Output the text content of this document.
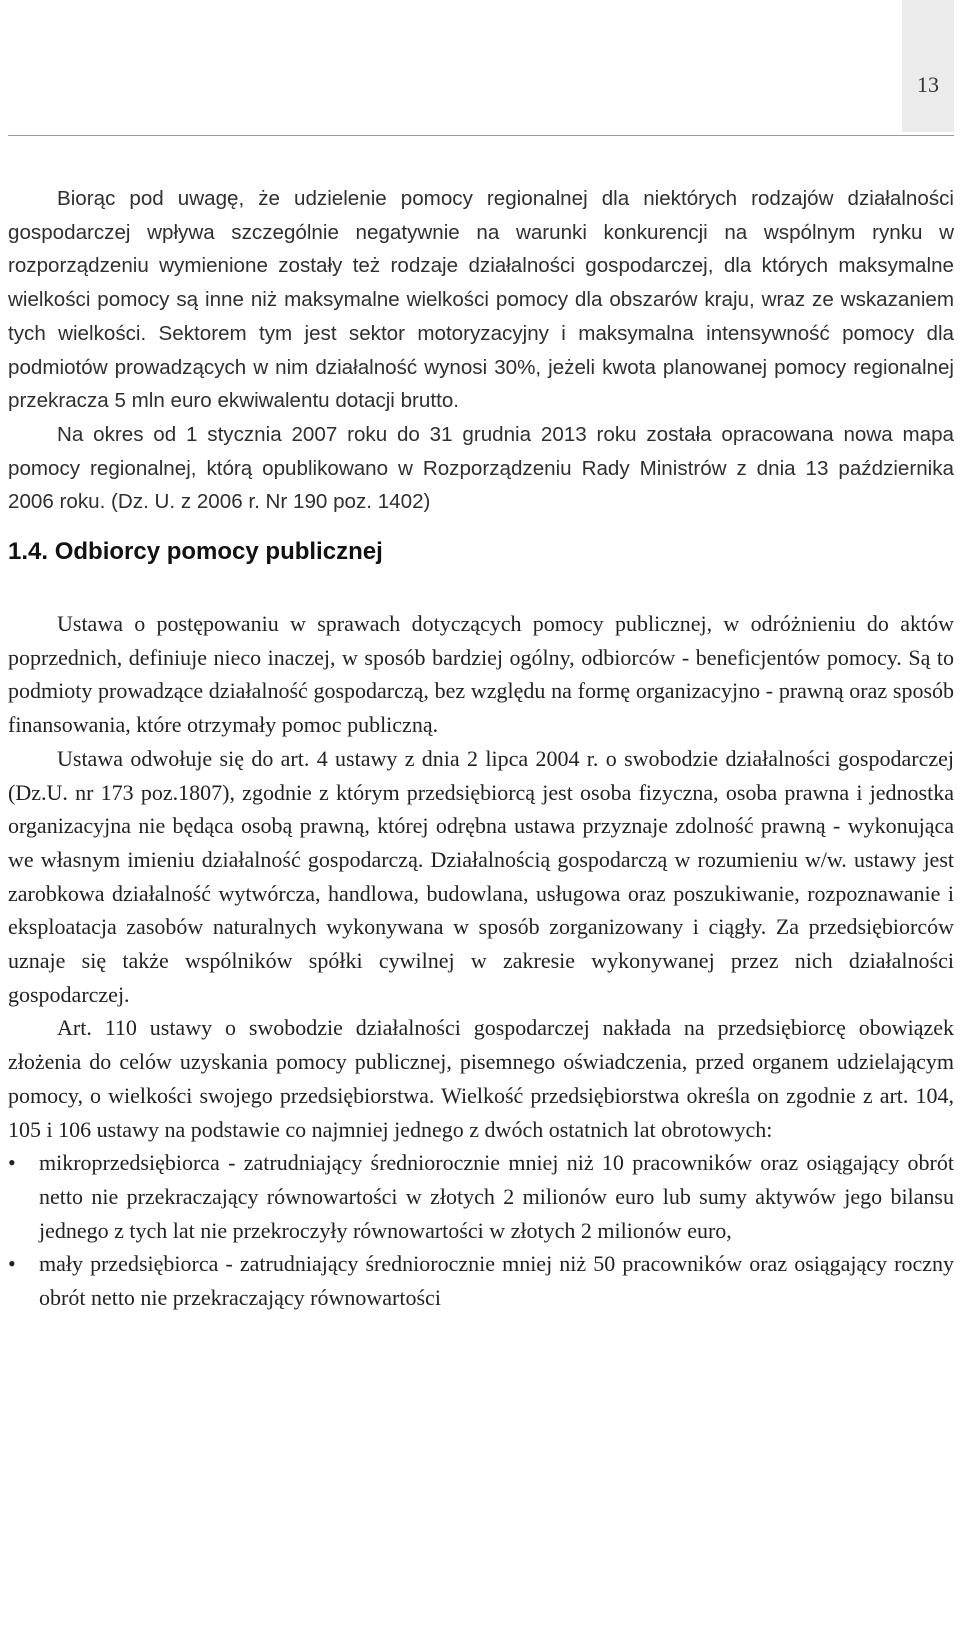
13

Biorąc pod uwagę, że udzielenie pomocy regionalnej dla niektórych rodzajów działalności gospodarczej wpływa szczególnie negatywnie na warunki konkurencji na wspólnym rynku w rozporządzeniu wymienione zostały też rodzaje działalności gospodarczej, dla których maksymalne wielkości pomocy są inne niż maksymalne wielkości pomocy dla obszarów kraju, wraz ze wskazaniem tych wielkości. Sektorem tym jest sektor motoryzacyjny i maksymalna intensywność pomocy dla podmiotów prowadzących w nim działalność wynosi 30%, jeżeli kwota planowanej pomocy regionalnej przekracza 5 mln euro ekwiwalentu dotacji brutto.

Na okres od 1 stycznia 2007 roku do 31 grudnia 2013 roku została opracowana nowa mapa pomocy regionalnej, którą opublikowano w Rozporządzeniu Rady Ministrów z dnia 13 października 2006 roku. (Dz. U. z 2006 r. Nr 190 poz. 1402)

1.4. Odbiorcy pomocy publicznej

Ustawa o postępowaniu w sprawach dotyczących pomocy publicznej, w odróżnieniu do aktów poprzednich, definiuje nieco inaczej, w sposób bardziej ogólny, odbiorców - beneficjentów pomocy. Są to podmioty prowadzące działalność gospodarczą, bez względu na formę organizacyjno - prawną oraz sposób finansowania, które otrzymały pomoc publiczną.

Ustawa odwołuje się do art. 4 ustawy z dnia 2 lipca 2004 r. o swobodzie działalności gospodarczej (Dz.U. nr 173 poz.1807), zgodnie z którym przedsiębiorcą jest osoba fizyczna, osoba prawna i jednostka organizacyjna nie będąca osobą prawną, której odrębna ustawa przyznaje zdolność prawną - wykonująca we własnym imieniu działalność gospodarczą. Działalnością gospodarczą w rozumieniu w/w. ustawy jest zarobkowa działalność wytwórcza, handlowa, budowlana, usługowa oraz poszukiwanie, rozpoznawanie i eksploatacja zasobów naturalnych wykonywana w sposób zorganizowany i ciągły. Za przedsiębiorców uznaje się także wspólników spółki cywilnej w zakresie wykonywanej przez nich działalności gospodarczej.

Art. 110 ustawy o swobodzie działalności gospodarczej nakłada na przedsiębiorcę obowiązek złożenia do celów uzyskania pomocy publicznej, pisemnego oświadczenia, przed organem udzielającym pomocy, o wielkości swojego przedsiębiorstwa. Wielkość przedsiębiorstwa określa on zgodnie z art. 104, 105 i 106 ustawy na podstawie co najmniej jednego z dwóch ostatnich lat obrotowych:

• mikroprzedsiębiorca - zatrudniający średniorocznie mniej niż 10 pracowników oraz osiągający obrót netto nie przekraczający równowartości w złotych 2 milionów euro lub sumy aktywów jego bilansu jednego z tych lat nie przekroczyły równowartości w złotych 2 milionów euro,
• mały przedsiębiorca - zatrudniający średniorocznie mniej niż 50 pracowników oraz osiągający roczny obrót netto nie przekraczający równowartości
